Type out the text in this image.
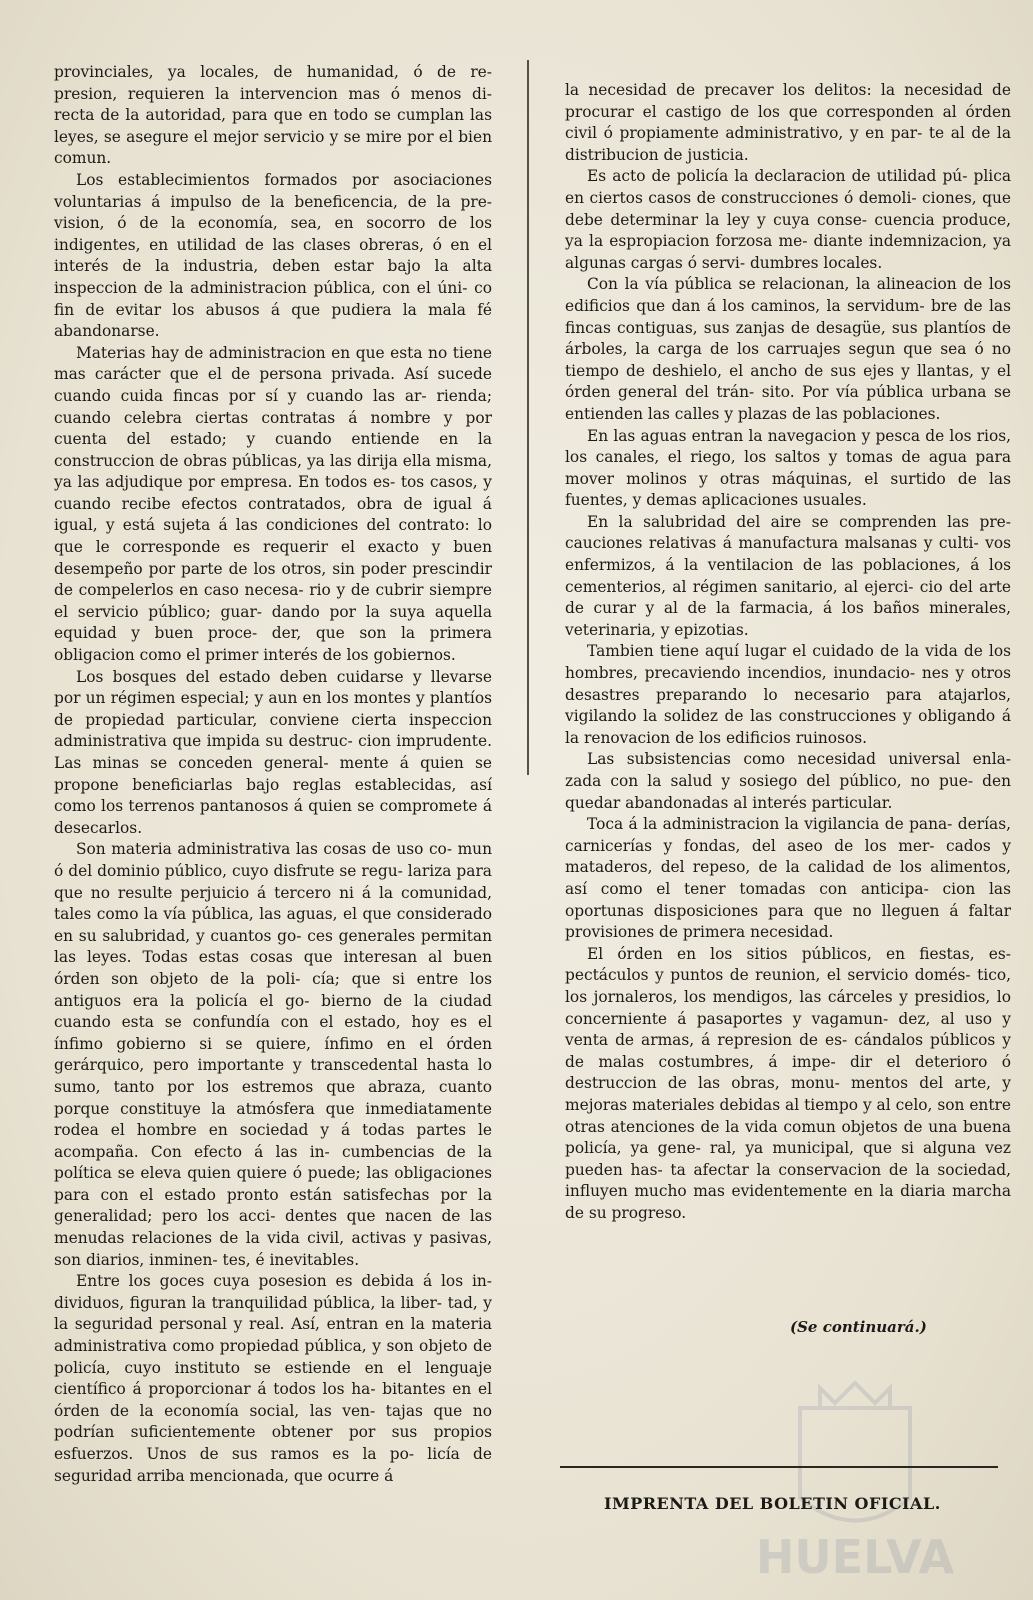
provinciales, ya locales, de humanidad, ó de re- presion, requieren la intervencion mas ó menos di- recta de la autoridad, para que en todo se cumplan las leyes, se asegure el mejor servicio y se mire por el bien comun.

Los establecimientos formados por asociaciones voluntarias á impulso de la beneficencia, de la pre- vision, ó de la economía, sea, en socorro de los indigentes, en utilidad de las clases obreras, ó en el interés de la industria, deben estar bajo la alta inspeccion de la administracion pública, con el úni- co fin de evitar los abusos á que pudiera la mala fé abandonarse.

Materias hay de administracion en que esta no tiene mas carácter que el de persona privada. Así sucede cuando cuida fincas por sí y cuando las ar- rienda; cuando celebra ciertas contratas á nombre y por cuenta del estado; y cuando entiende en la construccion de obras públicas, ya las dirija ella misma, ya las adjudique por empresa. En todos es- tos casos, y cuando recibe efectos contratados, obra de igual á igual, y está sujeta á las condiciones del contrato: lo que le corresponde es requerir el exacto y buen desempeño por parte de los otros, sin poder prescindir de compelerlos en caso necesa- rio y de cubrir siempre el servicio público; guar- dando por la suya aquella equidad y buen proce- der, que son la primera obligacion como el primer interés de los gobiernos.

Los bosques del estado deben cuidarse y llevarse por un régimen especial; y aun en los montes y plantíos de propiedad particular, conviene cierta inspeccion administrativa que impida su destruc- cion imprudente. Las minas se conceden general- mente á quien se propone beneficiarlas bajo reglas establecidas, así como los terrenos pantanosos á quien se compromete á desecarlos.

Son materia administrativa las cosas de uso co- mun ó del dominio público, cuyo disfrute se regu- lariza para que no resulte perjuicio á tercero ni á la comunidad, tales como la vía pública, las aguas, el que considerado en su salubridad, y cuantos go- ces generales permitan las leyes. Todas estas cosas que interesan al buen órden son objeto de la poli- cía; que si entre los antiguos era la policía el go- bierno de la ciudad cuando esta se confundía con el estado, hoy es el ínfimo gobierno si se quiere, ínfimo en el órden gerárquico, pero importante y transcedental hasta lo sumo, tanto por los estremos que abraza, cuanto porque constituye la atmósfera que inmediatamente rodea el hombre en sociedad y á todas partes le acompaña. Con efecto á las in- cumbencias de la política se eleva quien quiere ó puede; las obligaciones para con el estado pronto están satisfechas por la generalidad; pero los acci- dentes que nacen de las menudas relaciones de la vida civil, activas y pasivas, son diarios, inminen- tes, é inevitables.

Entre los goces cuya posesion es debida á los in- dividuos, figuran la tranquilidad pública, la liber- tad, y la seguridad personal y real. Así, entran en la materia administrativa como propiedad pública, y son objeto de policía, cuyo instituto se estiende en el lenguaje científico á proporcionar á todos los ha- bitantes en el órden de la economía social, las ven- tajas que no podrían suficientemente obtener por sus propios esfuerzos. Unos de sus ramos es la po- licía de seguridad arriba mencionada, que ocurre á

la necesidad de precaver los delitos: la necesidad de procurar el castigo de los que corresponden al órden civil ó propiamente administrativo, y en par- te al de la distribucion de justicia.

Es acto de policía la declaracion de utilidad pú- plica en ciertos casos de construcciones ó demoli- ciones, que debe determinar la ley y cuya conse- cuencia produce, ya la espropiacion forzosa me- diante indemnizacion, ya algunas cargas ó servi- dumbres locales.

Con la vía pública se relacionan, la alineacion de los edificios que dan á los caminos, la servidum- bre de las fincas contiguas, sus zanjas de desagüe, sus plantíos de árboles, la carga de los carruajes segun que sea ó no tiempo de deshielo, el ancho de sus ejes y llantas, y el órden general del trán- sito. Por vía pública urbana se entienden las calles y plazas de las poblaciones.

En las aguas entran la navegacion y pesca de los rios, los canales, el riego, los saltos y tomas de agua para mover molinos y otras máquinas, el surtido de las fuentes, y demas aplicaciones usuales.

En la salubridad del aire se comprenden las pre- cauciones relativas á manufactura malsanas y culti- vos enfermizos, á la ventilacion de las poblaciones, á los cementerios, al régimen sanitario, al ejerci- cio del arte de curar y al de la farmacia, á los baños minerales, veterinaria, y epizotias.

Tambien tiene aquí lugar el cuidado de la vida de los hombres, precaviendo incendios, inundacio- nes y otros desastres preparando lo necesario para atajarlos, vigilando la solidez de las construcciones y obligando á la renovacion de los edificios ruinosos.

Las subsistencias como necesidad universal enla- zada con la salud y sosiego del público, no pue- den quedar abandonadas al interés particular.

Toca á la administracion la vigilancia de pana- derías, carnicerías y fondas, del aseo de los mer- cados y mataderos, del repeso, de la calidad de los alimentos, así como el tener tomadas con anticipa- cion las oportunas disposiciones para que no lleguen á faltar provisiones de primera necesidad.

El órden en los sitios públicos, en fiestas, es- pectáculos y puntos de reunion, el servicio domés- tico, los jornaleros, los mendigos, las cárceles y presidios, lo concerniente á pasaportes y vagamun- dez, al uso y venta de armas, á represion de es- cándalos públicos y de malas costumbres, á impe- dir el deterioro ó destruccion de las obras, monu- mentos del arte, y mejoras materiales debidas al tiempo y al celo, son entre otras atenciones de la vida comun objetos de una buena policía, ya gene- ral, ya municipal, que si alguna vez pueden has- ta afectar la conservacion de la sociedad, influyen mucho mas evidentemente en la diaria marcha de su progreso.

(Se continuará.)
HUELVA
IMPRENTA DEL BOLETIN OFICIAL.
